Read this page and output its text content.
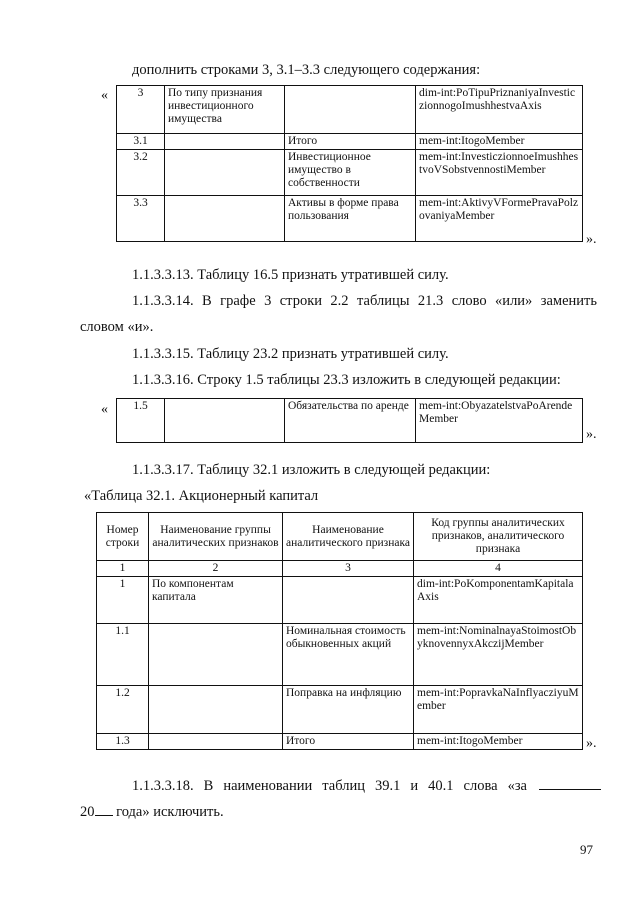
дополнить строками 3, 3.1–3.3 следующего содержания:
«	3	По типу признания инвестиционного имущества		dim-int:PoTipuPriznaniyaInvesticzionnogoImushhestvaAxis
3.1		Итого	mem-int:ItogoMember
3.2		Инвестиционное имущество в собственности	mem-int:InvesticzionnoeImushhestvoVSobstvennostiMember
3.3		Активы в форме права пользования	mem-int:AktivyVFormePravaPolzovaniyaMember
».
1.1.3.3.13. Таблицу 16.5 признать утратившей силу.
1.1.3.3.14. В графе 3 строки 2.2 таблицы 21.3 слово «или» заменить
словом «и».
1.1.3.3.15. Таблицу 23.2 признать утратившей силу.
1.1.3.3.16. Строку 1.5 таблицы 23.3 изложить в следующей редакции:
« 1.5		Обязательства по аренде	mem-int:ObyazatelstvaPoArendeMember
».
1.1.3.3.17. Таблицу 32.1 изложить в следующей редакции:
«Таблица 32.1. Акционерный капитал
Номер строки	Наименование группы аналитических признаков	Наименование аналитического признака	Код группы аналитических признаков, аналитического признака
1	2	3	4
1	По компонентам капитала		dim-int:PoKomponentamKapitalaAxis
1.1		Номинальная стоимость обыкновенных акций	mem-int:NominalnayaStoimostObyknovennyxAkczijMember
1.2		Поправка на инфляцию	mem-int:PopravkaNaInflyacziyuMember
1.3		Итого	mem-int:ItogoMember	».
1.1.3.3.18. В наименовании таблиц 39.1 и 40.1 слова «за
20 года» исключить.
97
